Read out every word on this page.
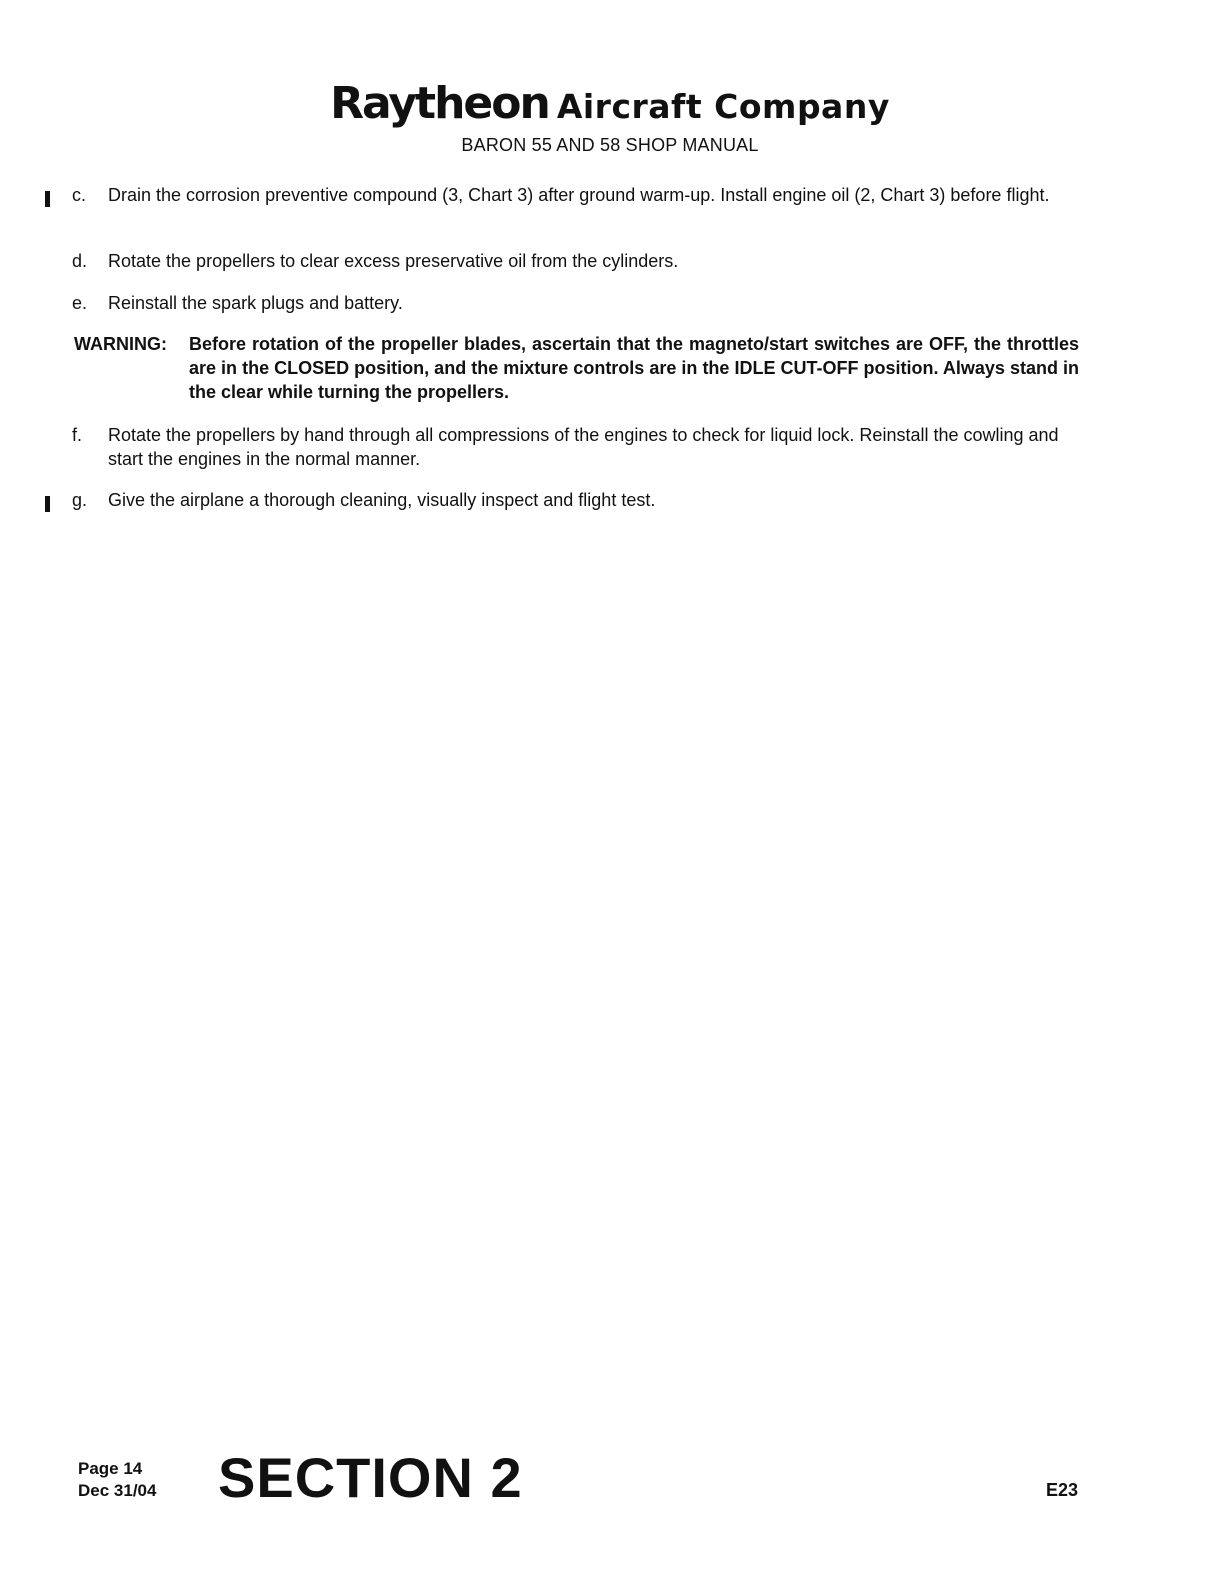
Raytheon Aircraft Company
BARON 55 AND 58 SHOP MANUAL
c. Drain the corrosion preventive compound (3, Chart 3) after ground warm-up. Install engine oil (2, Chart 3) before flight.
d. Rotate the propellers to clear excess preservative oil from the cylinders.
e. Reinstall the spark plugs and battery.
f. Rotate the propellers by hand through all compressions of the engines to check for liquid lock. Reinstall the cowling and start the engines in the normal manner.
g. Give the airplane a thorough cleaning, visually inspect and flight test.
WARNING: Before rotation of the propeller blades, ascertain that the magneto/start switches are OFF, the throttles are in the CLOSED position, and the mixture controls are in the IDLE CUT-OFF position. Always stand in the clear while turning the propellers.
Page 14
Dec 31/04 SECTION 2	E23
